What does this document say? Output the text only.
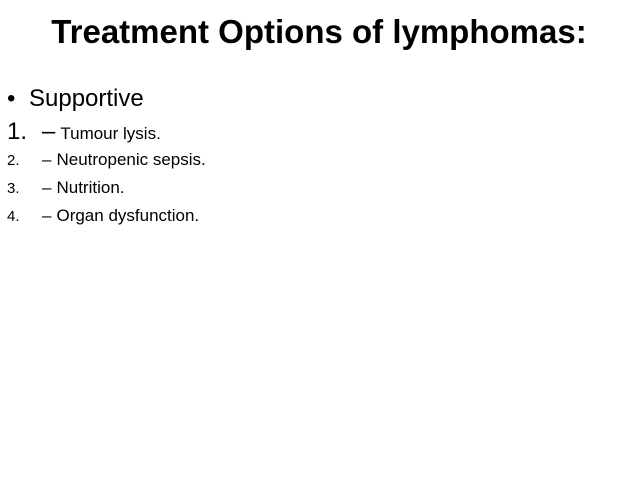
Treatment Options of lymphomas:
• Supportive
1. – Tumour lysis.
2.	– Neutropenic sepsis.
3.	– Nutrition.
4.	– Organ dysfunction.
